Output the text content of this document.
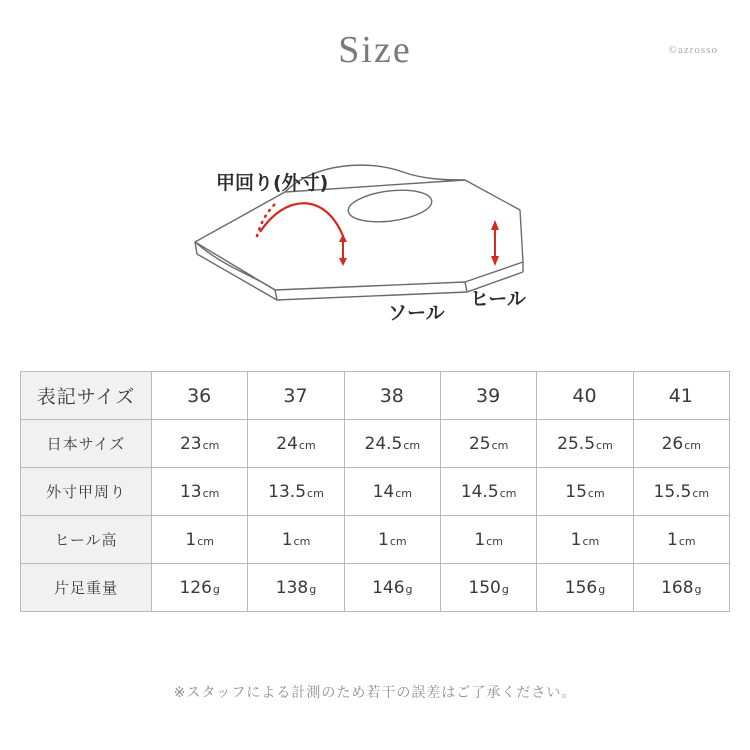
Size	©azrosso
甲回り(外寸)
ソール
ヒール
表記サイズ	36	37	38	39	40	41
日本サイズ	23cm	24cm	24.5cm	25cm	25.5cm	26cm
外寸甲周り	13cm	13.5cm	14cm	14.5cm	15cm	15.5cm
ヒール高	1cm	1cm	1cm	1cm	1cm	1cm
片足重量	126g	138g	146g	150g	156g	168g
※スタッフによる計測のため若干の誤差はご了承ください。
